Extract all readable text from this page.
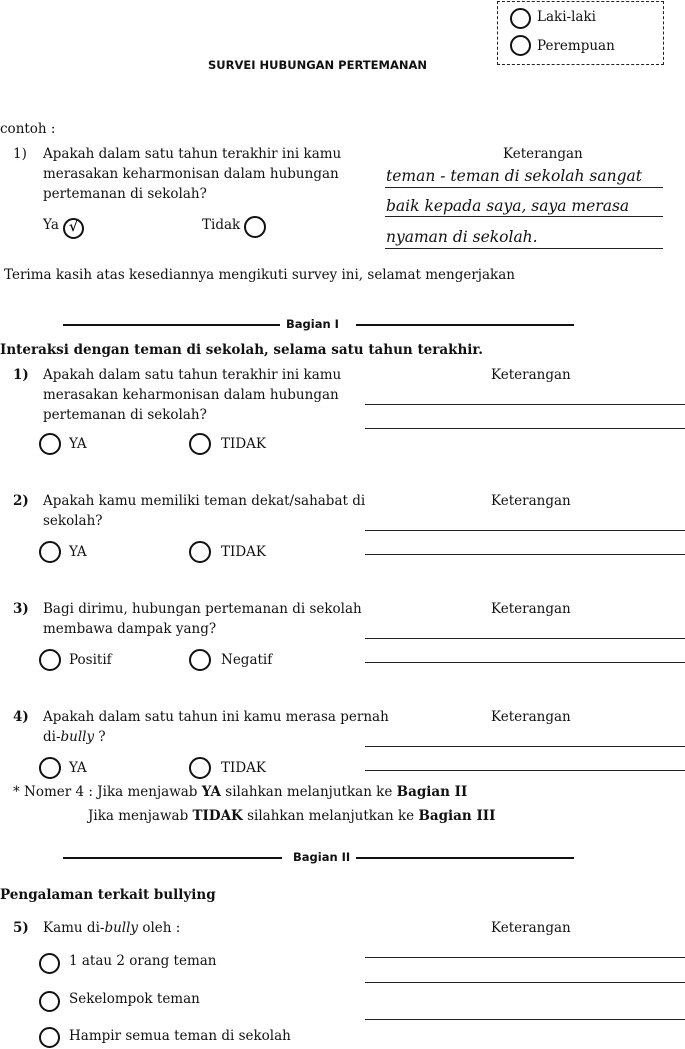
Laki-laki
Perempuan
SURVEI HUBUNGAN PERTEMANAN
contoh :
1) Apakah dalam satu tahun terakhir ini kamu
merasakan keharmonisan dalam hubungan
pertemanan di sekolah?
Keterangan
teman - teman di sekolah sangat
baik kepada saya, saya merasa
nyaman di sekolah.
Ya √	Tidak
Terima kasih atas kesediannya mengikuti survey ini, selamat mengerjakan
Bagian I
Interaksi dengan teman di sekolah, selama satu tahun terakhir.
1) Apakah dalam satu tahun terakhir ini kamu
merasakan keharmonisan dalam hubungan
pertemanan di sekolah?
Keterangan
YA	TIDAK
2) Apakah kamu memiliki teman dekat/sahabat di
sekolah?
Keterangan
YA	TIDAK
3) Bagi dirimu, hubungan pertemanan di sekolah
membawa dampak yang?
Keterangan
Positif	Negatif
4) Apakah dalam satu tahun ini kamu merasa pernah
di-bully ?
Keterangan
YA	TIDAK
* Nomer 4 : Jika menjawab YA silahkan melanjutkan ke Bagian II
Jika menjawab TIDAK silahkan melanjutkan ke Bagian III
Bagian II
Pengalaman terkait bullying
5) Kamu di-bully oleh :	Keterangan
1 atau 2 orang teman
Sekelompok teman
Hampir semua teman di sekolah
